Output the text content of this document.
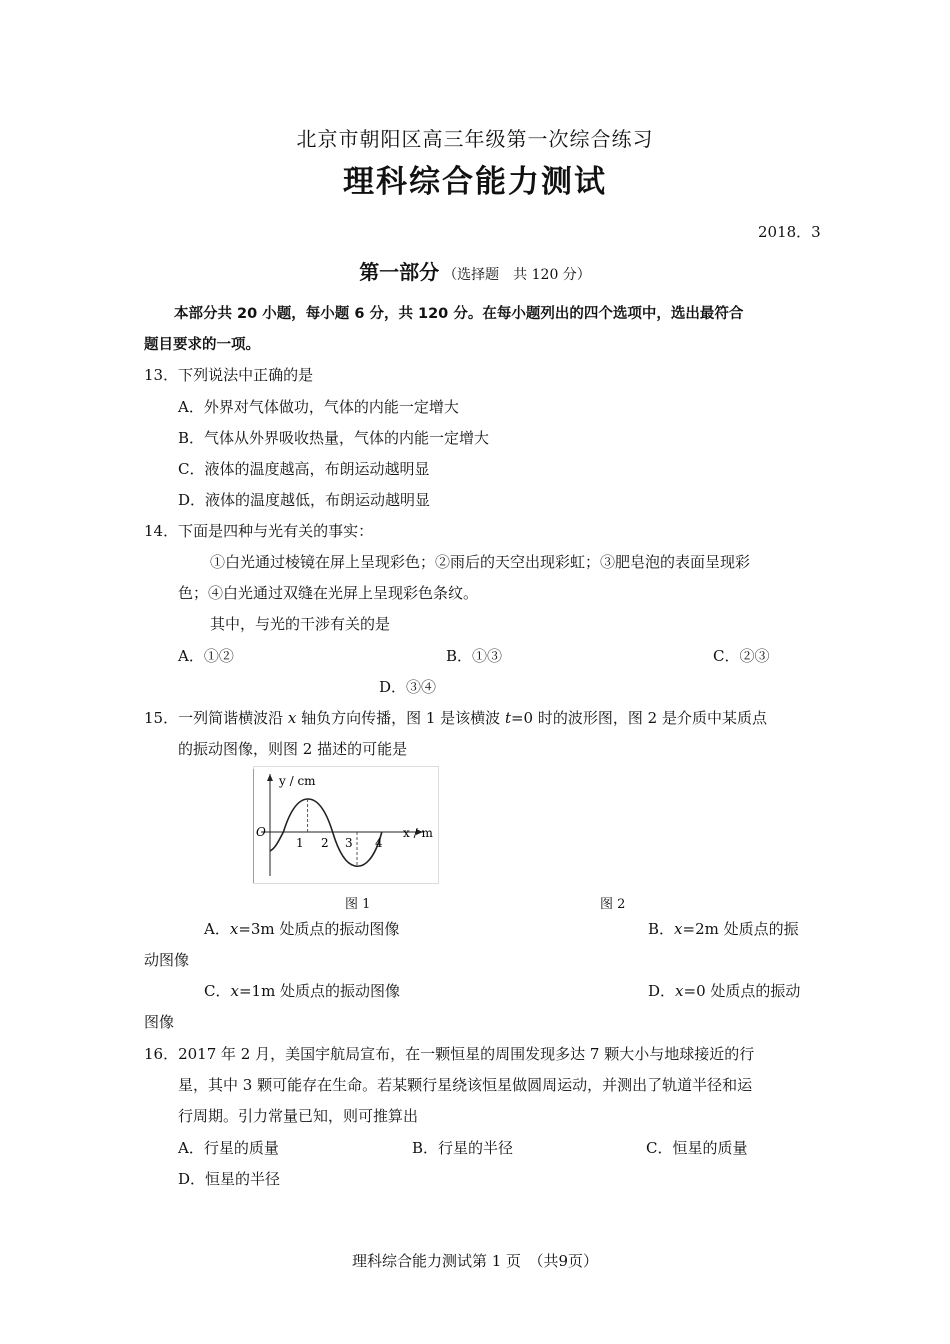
北京市朝阳区高三年级第一次综合练习
理科综合能力测试
2018．3
第一部分 （选择题　共 120 分）
本部分共 20 小题，每小题 6 分，共 120 分。在每小题列出的四个选项中，选出最符合
题目要求的一项。
13．下列说法中正确的是
A．外界对气体做功，气体的内能一定增大
B．气体从外界吸收热量，气体的内能一定增大
C．液体的温度越高，布朗运动越明显
D．液体的温度越低，布朗运动越明显
14．下面是四种与光有关的事实：
①白光通过棱镜在屏上呈现彩色；②雨后的天空出现彩虹；③肥皂泡的表面呈现彩
色；④白光通过双缝在光屏上呈现彩色条纹。
其中，与光的干涉有关的是
A．①②	B．①③	C．②③
D．③④
15．一列简谐横波沿 x 轴负方向传播，图 1 是该横波 t=0 时的波形图，图 2 是介质中某质点
的振动图像，则图 2 描述的可能是
y / cm
x / m
O
1 2 3 4
图 1	图 2
A．x=3m 处质点的振动图像	B．x=2m 处质点的振
动图像
C．x=1m 处质点的振动图像	D．x=0 处质点的振动
图像
16．2017 年 2 月，美国宇航局宣布，在一颗恒星的周围发现多达 7 颗大小与地球接近的行
星，其中 3 颗可能存在生命。若某颗行星绕该恒星做圆周运动，并测出了轨道半径和运
行周期。引力常量已知，则可推算出
A．行星的质量	B．行星的半径	C．恒星的质量
D．恒星的半径
理科综合能力测试第 1 页　（共9页）
